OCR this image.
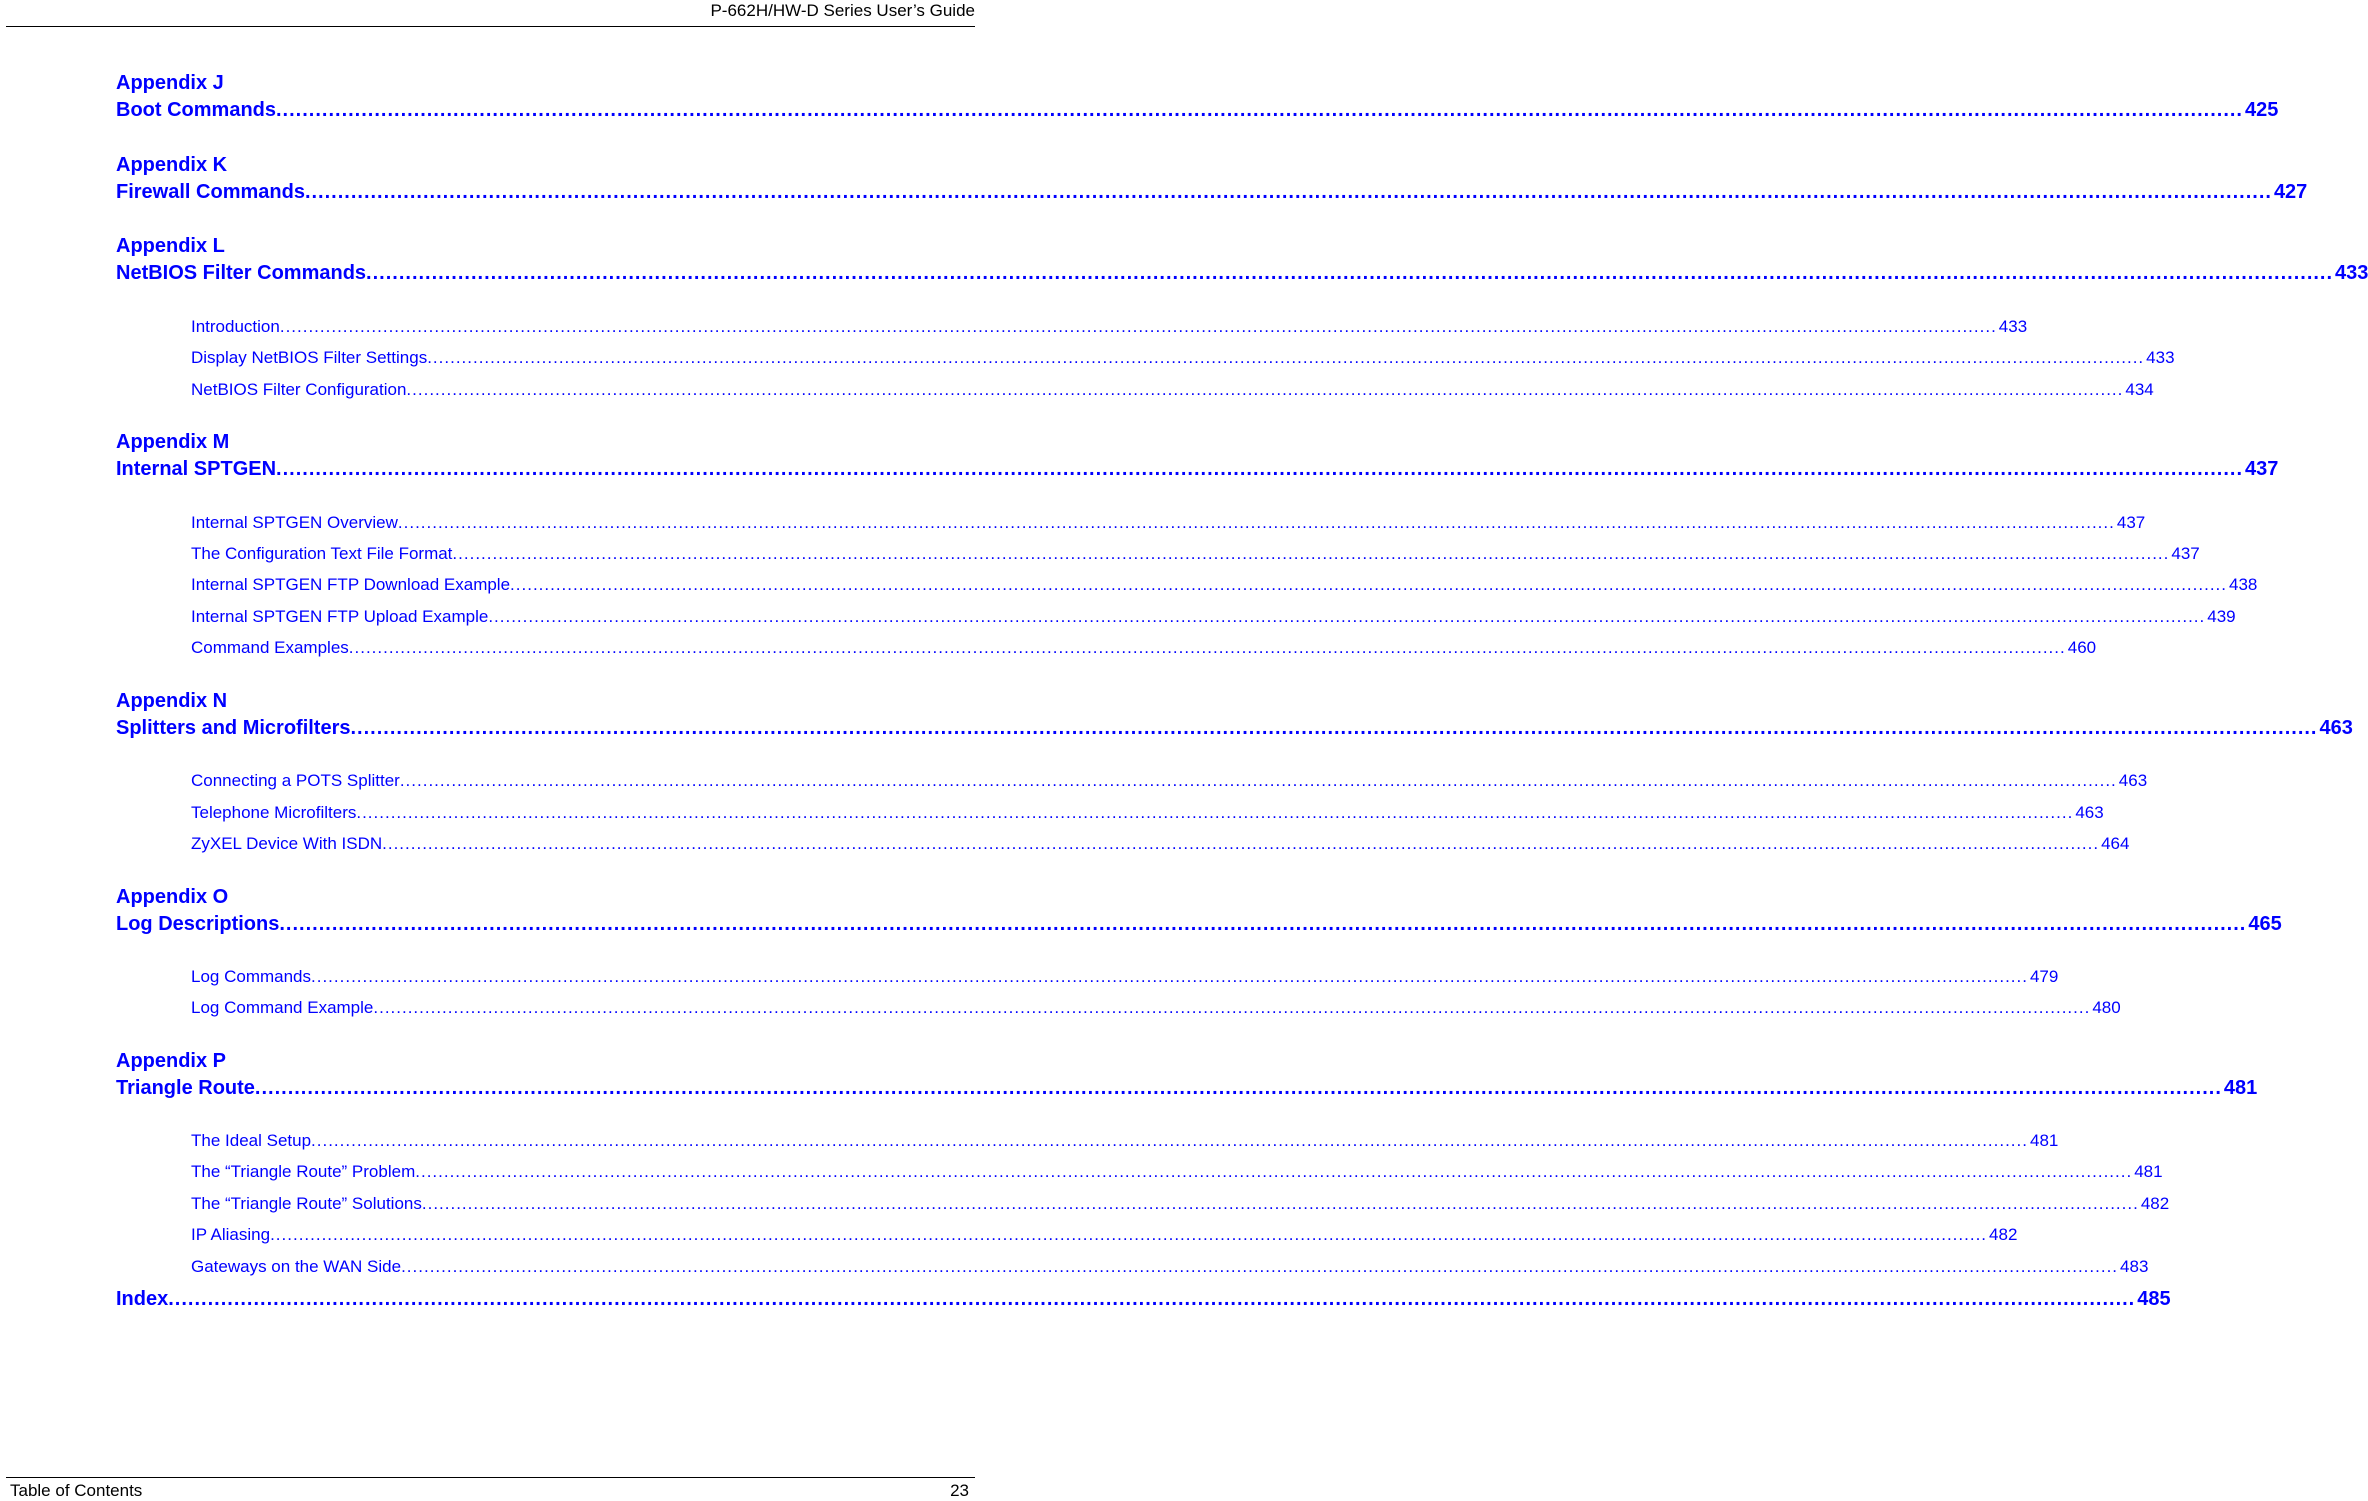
P-662H/HW-D Series User’s Guide
Appendix J
Boot Commands ............................................................................................................................................................................................................................................................................................................ 425
Appendix K
Firewall Commands ............................................................................................................................................................................................................................................................................................................ 427
Appendix L
NetBIOS Filter Commands ............................................................................................................................................................................................................................................................................................................ 433
Introduction ............................................................................................................................................................................................................................................................................................................ 433
Display NetBIOS Filter Settings ............................................................................................................................................................................................................................................................................................................ 433
NetBIOS Filter Configuration ............................................................................................................................................................................................................................................................................................................ 434
Appendix M
Internal SPTGEN ............................................................................................................................................................................................................................................................................................................ 437
Internal SPTGEN Overview ............................................................................................................................................................................................................................................................................................................ 437
The Configuration Text File Format ............................................................................................................................................................................................................................................................................................................ 437
Internal SPTGEN FTP Download Example ............................................................................................................................................................................................................................................................................................................ 438
Internal SPTGEN FTP Upload Example ............................................................................................................................................................................................................................................................................................................ 439
Command Examples ............................................................................................................................................................................................................................................................................................................ 460
Appendix N
Splitters and Microfilters ............................................................................................................................................................................................................................................................................................................ 463
Connecting a POTS Splitter ............................................................................................................................................................................................................................................................................................................ 463
Telephone Microfilters ............................................................................................................................................................................................................................................................................................................ 463
ZyXEL Device With ISDN ............................................................................................................................................................................................................................................................................................................ 464
Appendix O
Log Descriptions ............................................................................................................................................................................................................................................................................................................ 465
Log Commands ............................................................................................................................................................................................................................................................................................................ 479
Log Command Example ............................................................................................................................................................................................................................................................................................................ 480
Appendix P
Triangle Route ............................................................................................................................................................................................................................................................................................................ 481
The Ideal Setup ............................................................................................................................................................................................................................................................................................................ 481
The “Triangle Route” Problem ............................................................................................................................................................................................................................................................................................................ 481
The “Triangle Route” Solutions ............................................................................................................................................................................................................................................................................................................ 482
IP Aliasing ............................................................................................................................................................................................................................................................................................................ 482
Gateways on the WAN Side ............................................................................................................................................................................................................................................................................................................ 483
Index ............................................................................................................................................................................................................................................................................................................ 485
Table of Contents	23
